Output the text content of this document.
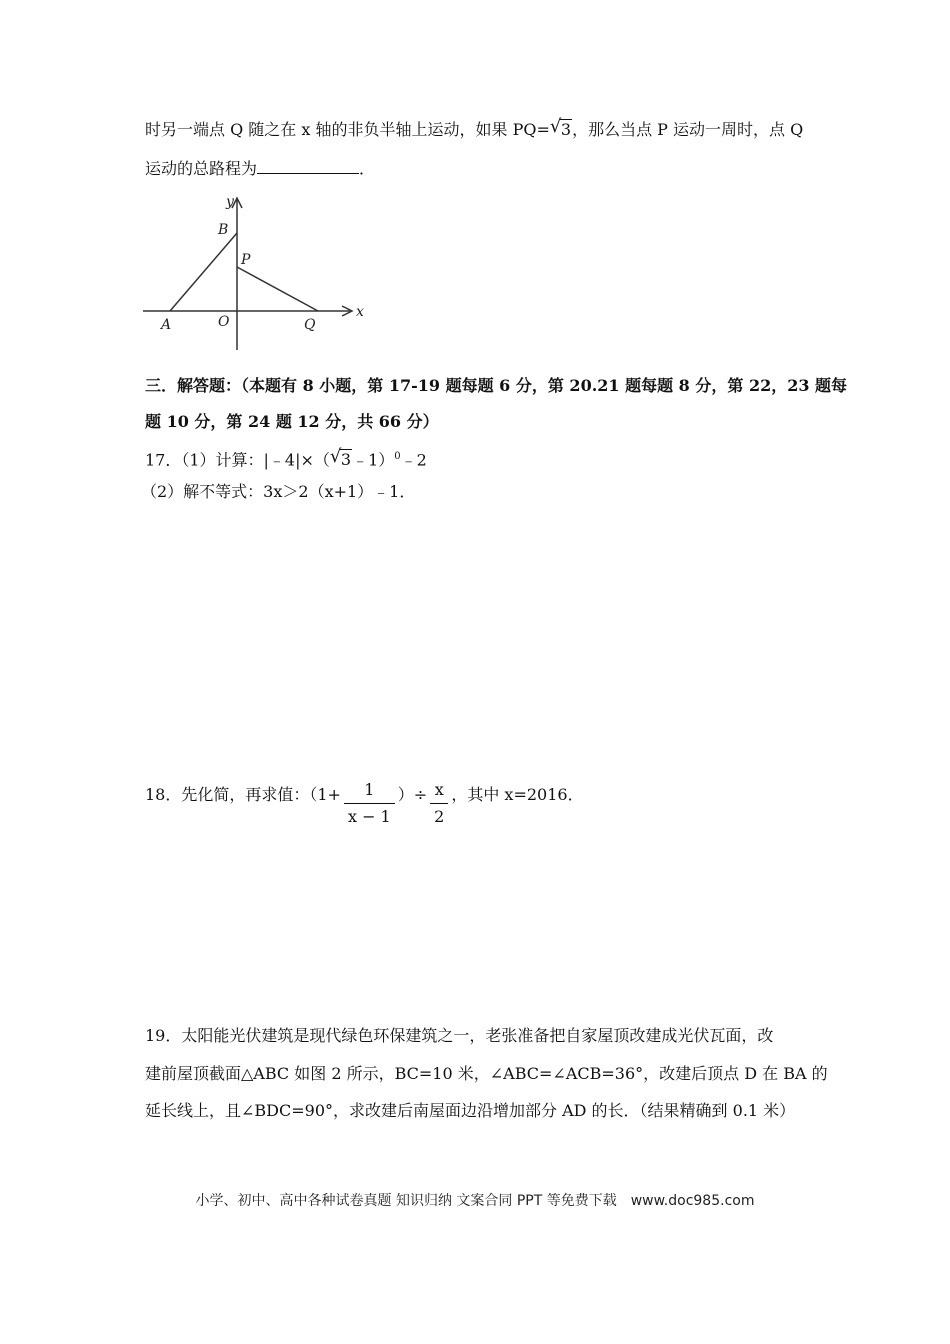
时另一端点 Q 随之在 x 轴的非负半轴上运动，如果 PQ= √ 3，那么当点 P 运动一周时，点 Q
运动的总路程为	．
y
x
B
P
A	O	Q
三．解答题：（本题有 8 小题，第 17-19 题每题 6 分，第 20.21 题每题 8 分，第 22，23 题每
题 10 分，第 24 题 12 分，共 66 分）
17．（1）计算：|﹣4|×（ √ 3﹣1）$^0$﹣2
（2）解不等式：3x＞2（x+1）﹣1．
18．先化简，再求值：（$1+ \frac{1}{x - 1}$ ）÷ $\frac{x}{2}$ ，其中 x=2016．
19．太阳能光伏建筑是现代绿色环保建筑之一，老张准备把自家屋顶改建成光伏瓦面，改
建前屋顶截面△ABC 如图 2 所示，BC=10 米，∠ABC=∠ACB=36°，改建后顶点 D 在 BA 的
延长线上，且∠BDC=90°，求改建后南屋面边沿增加部分 AD 的长．（结果精确到 0.1 米）
小学、初中、高中各种试卷真题 知识归纳 文案合同 PPT 等免费下载　www.doc985.com
